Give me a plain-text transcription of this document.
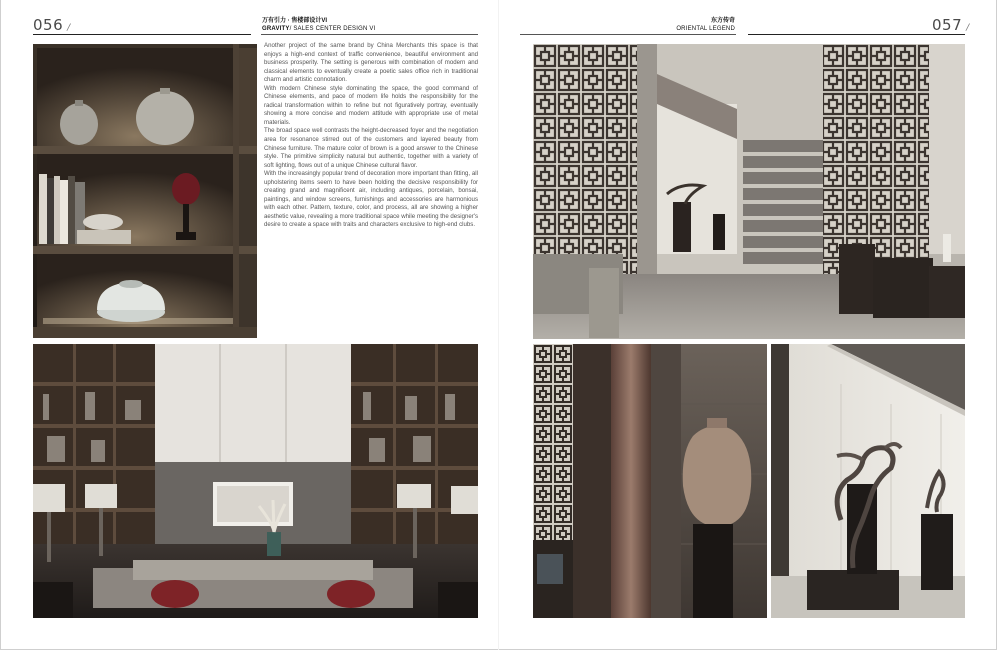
056 /
万有引力 · 售楼部设计VI
GRAVITY/ SALES CENTER DESIGN VI
东方传奇
ORIENTAL LEGEND	057 /

Another project of the same brand by China Merchants this space is that enjoys a high-end context of traffic convenience, beautiful environment and business prosperity. The setting is generous with combination of modern and classical elements to eventually create a poetic sales office rich in traditional charm and artistic connotation.

With modern Chinese style dominating the space, the good command of Chinese elements, and pace of modern life holds the responsibility for the radical transformation within to refine but not figuratively portray, eventually showing a more concise and modern attitude with appropriate use of metal materials.

The broad space well contrasts the height-decreased foyer and the negotiation area for resonance stirred out of the customers and layered beauty from Chinese furniture. The mature color of brown is a good answer to the Chinese style. The primitive simplicity natural but authentic, together with a variety of soft lighting, flows out of a unique Chinese cultural flavor.

With the increasingly popular trend of decoration more important than fitting, all upholstering items seem to have been holding the decisive responsibility for creating grand and magnificent air, including antiques, porcelain, bonsai, paintings, and window screens, furnishings and accessories are harmonious with each other. Pattern, texture, color, and process, all are showing a higher aesthetic value, revealing a more traditional space while meeting the designer's desire to create a space with traits and characters exclusive to high-end clubs.
